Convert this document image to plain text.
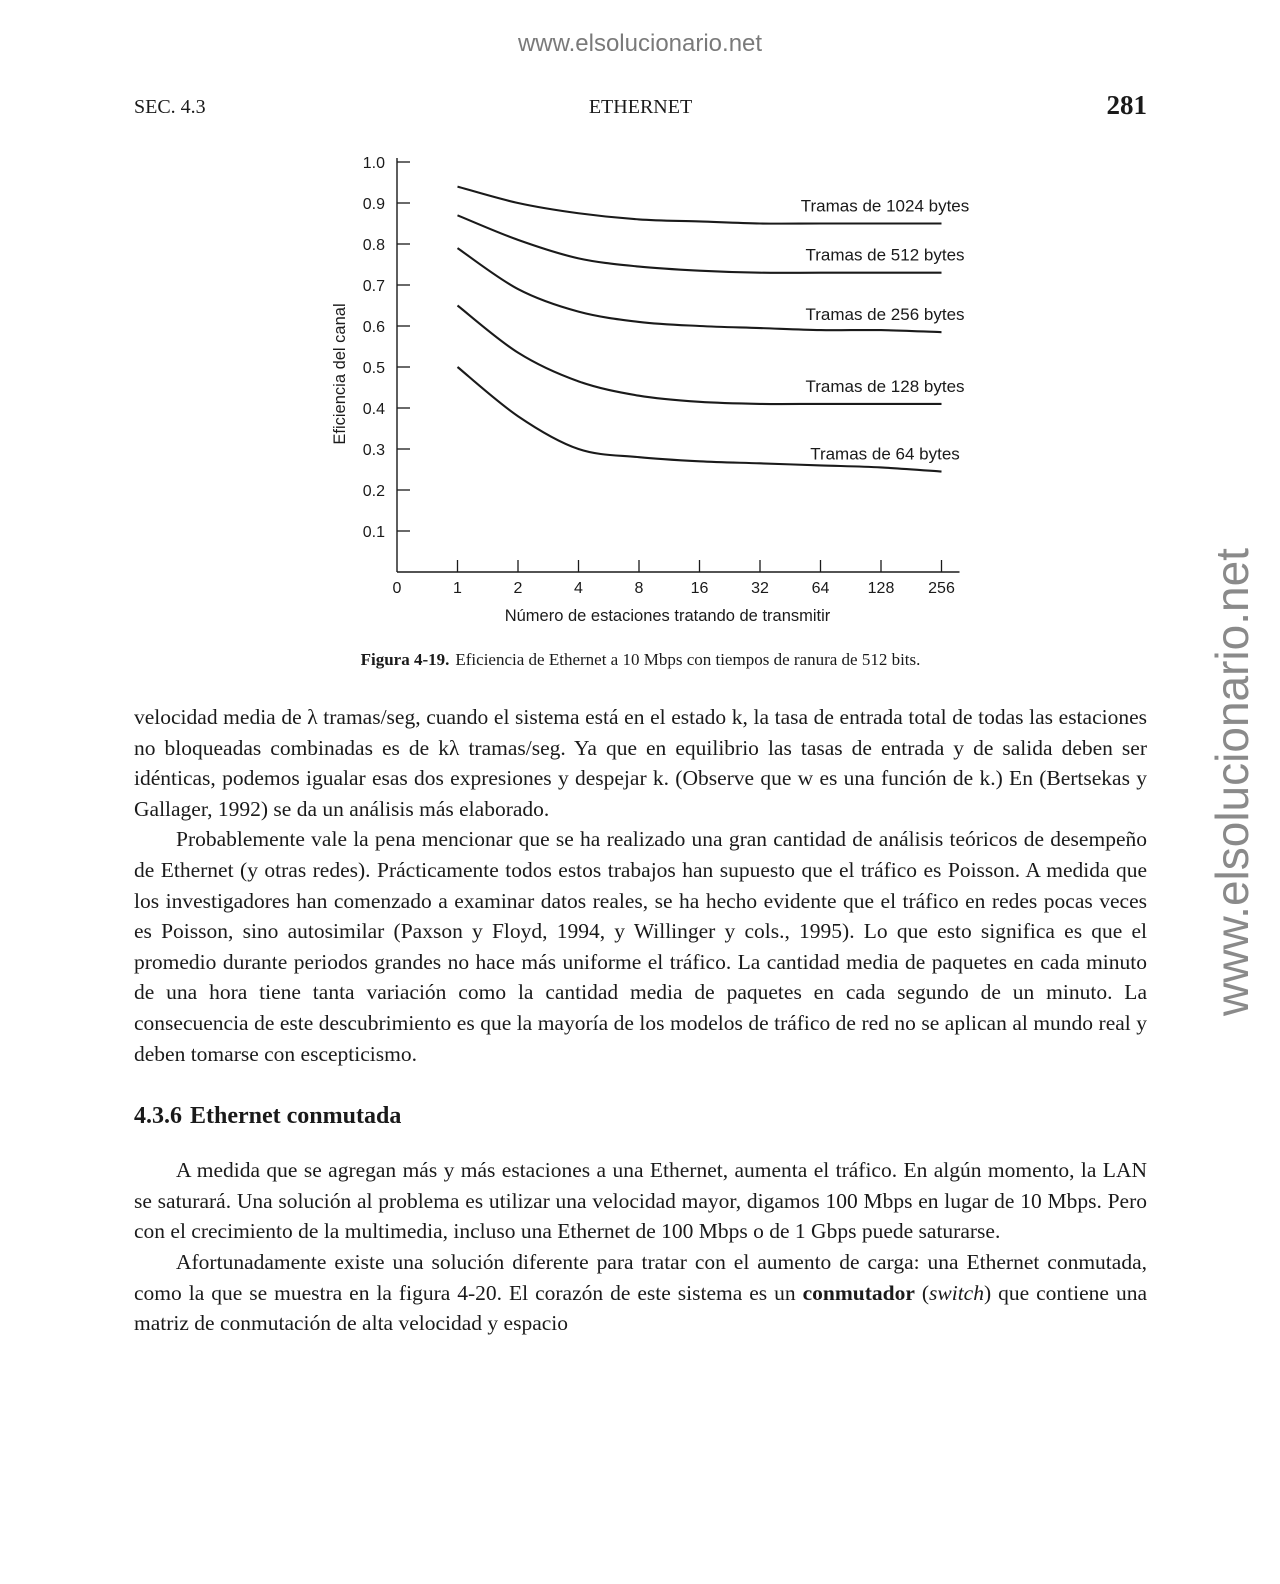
www.elsolucionario.net
www.elsolucionario.net
SEC. 4.3	ETHERNET	281
0.1
0.2
0.3
0.4
0.5
0.6
0.7
0.8
0.9
1.0
0	1	2	4	8	16	32	64 128 256
Número de estaciones tratando de transmitir
Eficiencia del canal
Tramas de 1024 bytes
Tramas de 512 bytes
Tramas de 256 bytes
Tramas de 128 bytes
Tramas de 64 bytes
Figura 4-19. Eficiencia de Ethernet a 10 Mbps con tiempos de ranura de 512 bits.

velocidad media de λ tramas/seg, cuando el sistema está en el estado k, la tasa de entrada total de todas las estaciones no bloqueadas combinadas es de kλ tramas/seg. Ya que en equilibrio las tasas de entrada y de salida deben ser idénticas, podemos igualar esas dos expresiones y despejar k. (Observe que w es una función de k.) En (Bertsekas y Gallager, 1992) se da un análisis más elaborado.

Probablemente vale la pena mencionar que se ha realizado una gran cantidad de análisis teóricos de desempeño de Ethernet (y otras redes). Prácticamente todos estos trabajos han supuesto que el tráfico es Poisson. A medida que los investigadores han comenzado a examinar datos reales, se ha hecho evidente que el tráfico en redes pocas veces es Poisson, sino autosimilar (Paxson y Floyd, 1994, y Willinger y cols., 1995). Lo que esto significa es que el promedio durante periodos grandes no hace más uniforme el tráfico. La cantidad media de paquetes en cada minuto de una hora tiene tanta variación como la cantidad media de paquetes en cada segundo de un minuto. La consecuencia de este descubrimiento es que la mayoría de los modelos de tráfico de red no se aplican al mundo real y deben tomarse con escepticismo.

4.3.6 Ethernet conmutada

A medida que se agregan más y más estaciones a una Ethernet, aumenta el tráfico. En algún momento, la LAN se saturará. Una solución al problema es utilizar una velocidad mayor, digamos 100 Mbps en lugar de 10 Mbps. Pero con el crecimiento de la multimedia, incluso una Ethernet de 100 Mbps o de 1 Gbps puede saturarse.

Afortunadamente existe una solución diferente para tratar con el aumento de carga: una Ethernet conmutada, como la que se muestra en la figura 4-20. El corazón de este sistema es un conmutador (switch) que contiene una matriz de conmutación de alta velocidad y espacio
